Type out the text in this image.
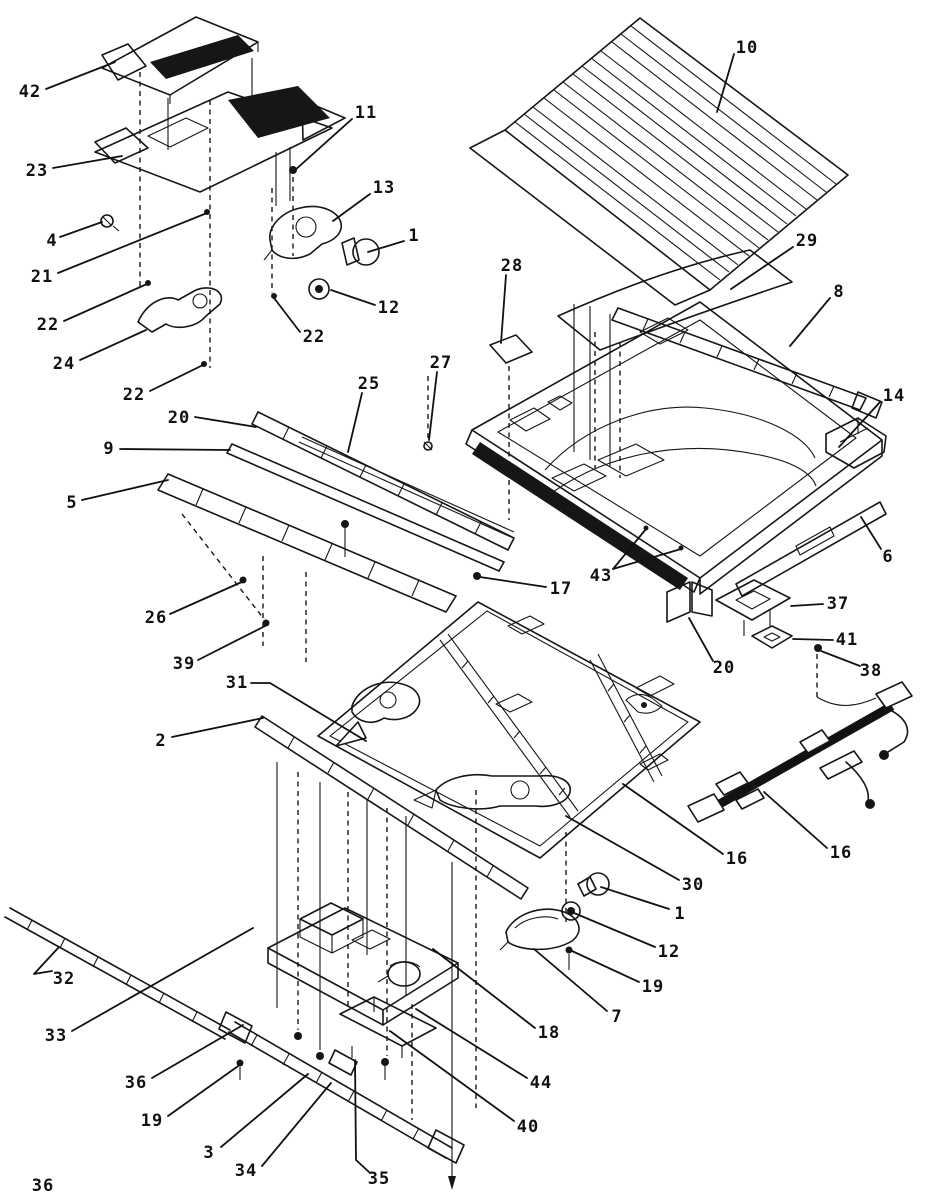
42
23
4
21
22
24
22
20
9
5
11
13
1
12
22
25
27
28
10
29
8
14
6
43
17
37
41
38
20
16	16
30
1
12
19
7
18
44
40
31
2
26
39
32
33
36
19
3
34	35
36
